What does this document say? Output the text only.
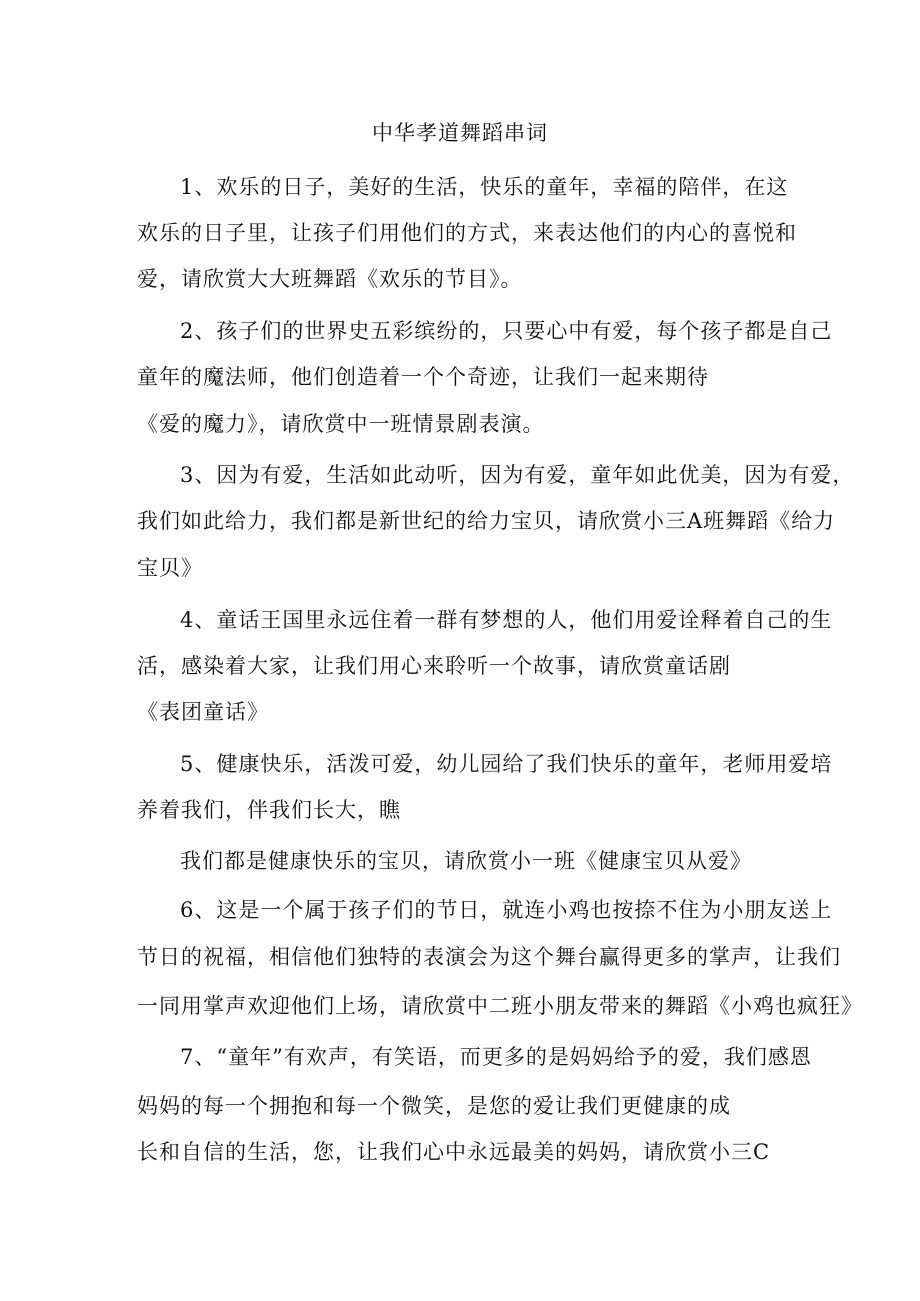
中华孝道舞蹈串词
1、欢乐的日子，美好的生活，快乐的童年，幸福的陪伴，在这
欢乐的日子里，让孩子们用他们的方式，来表达他们的内心的喜悦和
爱，请欣赏大大班舞蹈《欢乐的节目》。
2、孩子们的世界史五彩缤纷的，只要心中有爱，每个孩子都是自己
童年的魔法师，他们创造着一个个奇迹，让我们一起来期待
《爱的魔力》，请欣赏中一班情景剧表演。
3、因为有爱，生活如此动听，因为有爱，童年如此优美，因为有爱，
我们如此给力，我们都是新世纪的给力宝贝，请欣赏小三A班舞蹈《给力
宝贝》
4、童话王国里永远住着一群有梦想的人，他们用爱诠释着自己的生
活，感染着大家，让我们用心来聆听一个故事，请欣赏童话剧
《表团童话》
5、健康快乐，活泼可爱，幼儿园给了我们快乐的童年，老师用爱培
养着我们，伴我们长大，瞧
我们都是健康快乐的宝贝，请欣赏小一班《健康宝贝从爱》
6、这是一个属于孩子们的节日，就连小鸡也按捺不住为小朋友送上
节日的祝福，相信他们独特的表演会为这个舞台赢得更多的掌声，让我们
一同用掌声欢迎他们上场，请欣赏中二班小朋友带来的舞蹈《小鸡也疯狂》
7、“童年”有欢声，有笑语，而更多的是妈妈给予的爱，我们感恩
妈妈的每一个拥抱和每一个微笑，是您的爱让我们更健康的成
长和自信的生活，您，让我们心中永远最美的妈妈，请欣赏小三C
